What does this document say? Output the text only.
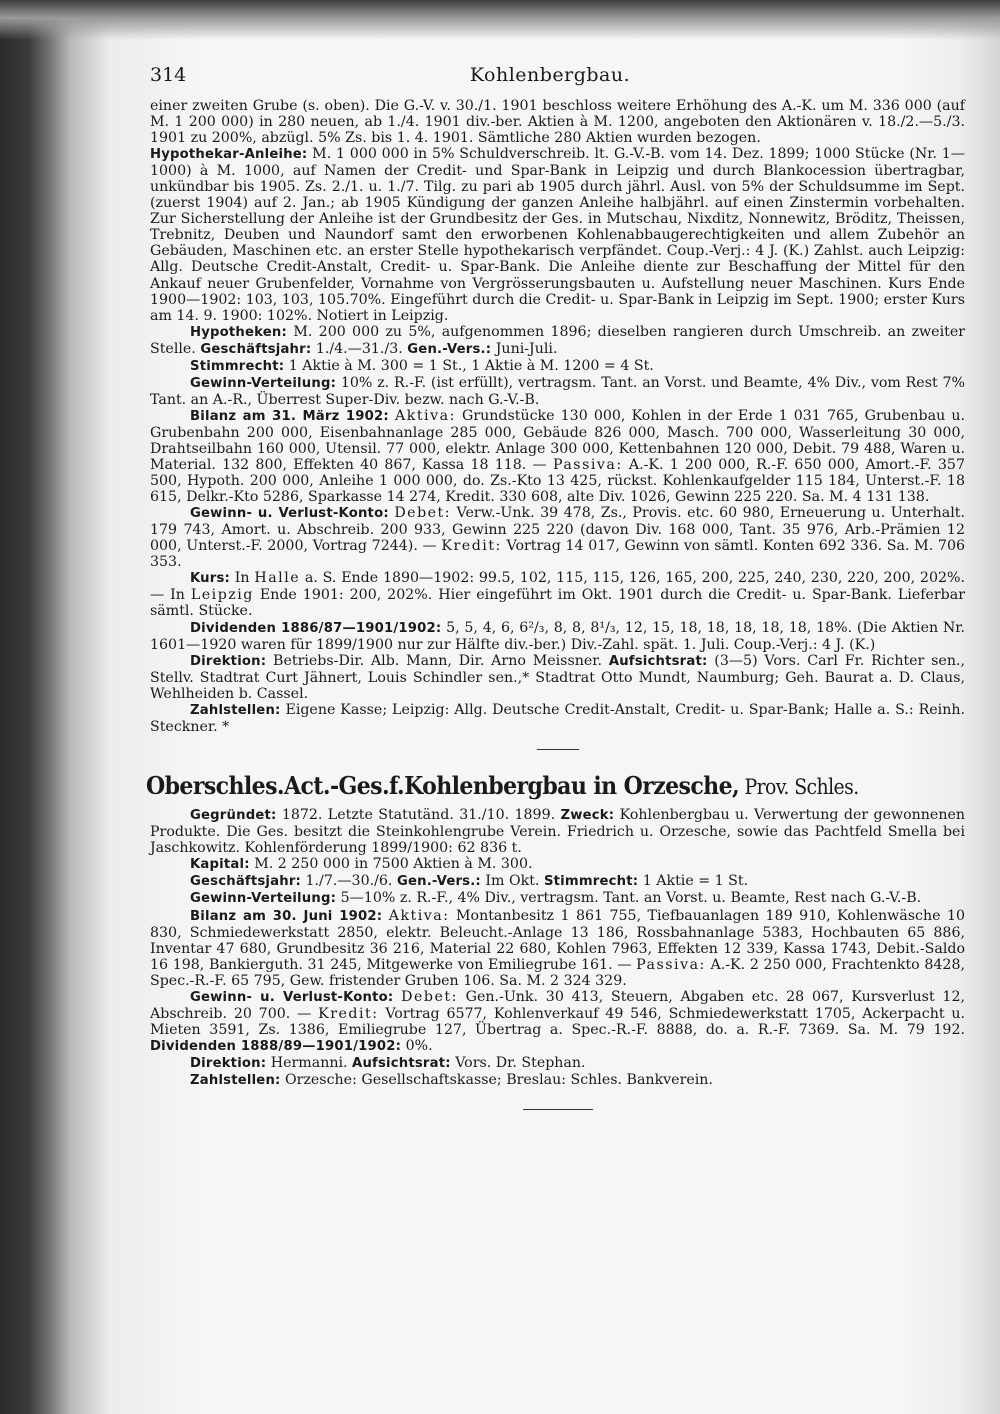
314	Kohlenbergbau.

einer zweiten Grube (s. oben). Die G.-V. v. 30./1. 1901 beschloss weitere Erhöhung des A.-K. um M. 336 000 (auf M. 1 200 000) in 280 neuen, ab 1./4. 1901 div.-ber. Aktien à M. 1200, angeboten den Aktionären v. 18./2.—5./3. 1901 zu 200%, abzügl. 5% Zs. bis 1. 4. 1901. Sämtliche 280 Aktien wurden bezogen.

Hypothekar-Anleihe: M. 1 000 000 in 5% Schuldverschreib. lt. G.-V.-B. vom 14. Dez. 1899; 1000 Stücke (Nr. 1—1000) à M. 1000, auf Namen der Credit- und Spar-Bank in Leipzig und durch Blankocession übertragbar, unkündbar bis 1905. Zs. 2./1. u. 1./7. Tilg. zu pari ab 1905 durch jährl. Ausl. von 5% der Schuldsumme im Sept. (zuerst 1904) auf 2. Jan.; ab 1905 Kündigung der ganzen Anleihe halbjährl. auf einen Zinstermin vorbehalten. Zur Sicherstellung der Anleihe ist der Grundbesitz der Ges. in Mutschau, Nixditz, Nonnewitz, Bröditz, Theissen, Trebnitz, Deuben und Naundorf samt den erworbenen Kohlenabbaugerechtigkeiten und allem Zubehör an Gebäuden, Maschinen etc. an erster Stelle hypothekarisch verpfändet. Coup.-Verj.: 4 J. (K.) Zahlst. auch Leipzig: Allg. Deutsche Credit-Anstalt, Credit- u. Spar-Bank. Die Anleihe diente zur Beschaffung der Mittel für den Ankauf neuer Grubenfelder, Vornahme von Vergrösserungsbauten u. Aufstellung neuer Maschinen. Kurs Ende 1900—1902: 103, 103, 105.70%. Eingeführt durch die Credit- u. Spar-Bank in Leipzig im Sept. 1900; erster Kurs am 14. 9. 1900: 102%. Notiert in Leipzig.

Hypotheken: M. 200 000 zu 5%, aufgenommen 1896; dieselben rangieren durch Umschreib. an zweiter Stelle. Geschäftsjahr: 1./4.—31./3. Gen.-Vers.: Juni-Juli.

Stimmrecht: 1 Aktie à M. 300 = 1 St., 1 Aktie à M. 1200 = 4 St.

Gewinn-Verteilung: 10% z. R.-F. (ist erfüllt), vertragsm. Tant. an Vorst. und Beamte, 4% Div., vom Rest 7% Tant. an A.-R., Überrest Super-Div. bezw. nach G.-V.-B.

Bilanz am 31. März 1902: Aktiva: Grundstücke 130 000, Kohlen in der Erde 1 031 765, Grubenbau u. Grubenbahn 200 000, Eisenbahnanlage 285 000, Gebäude 826 000, Masch. 700 000, Wasserleitung 30 000, Drahtseilbahn 160 000, Utensil. 77 000, elektr. Anlage 300 000, Kettenbahnen 120 000, Debit. 79 488, Waren u. Material. 132 800, Effekten 40 867, Kassa 18 118. — Passiva: A.-K. 1 200 000, R.-F. 650 000, Amort.-F. 357 500, Hypoth. 200 000, Anleihe 1 000 000, do. Zs.-Kto 13 425, rückst. Kohlenkaufgelder 115 184, Unterst.-F. 18 615, Delkr.-Kto 5286, Sparkasse 14 274, Kredit. 330 608, alte Div. 1026, Gewinn 225 220. Sa. M. 4 131 138.

Gewinn- u. Verlust-Konto: Debet: Verw.-Unk. 39 478, Zs., Provis. etc. 60 980, Erneuerung u. Unterhalt. 179 743, Amort. u. Abschreib. 200 933, Gewinn 225 220 (davon Div. 168 000, Tant. 35 976, Arb.-Prämien 12 000, Unterst.-F. 2000, Vortrag 7244). — Kredit: Vortrag 14 017, Gewinn von sämtl. Konten 692 336. Sa. M. 706 353.

Kurs: In Halle a. S. Ende 1890—1902: 99.5, 102, 115, 115, 126, 165, 200, 225, 240, 230, 220, 200, 202%. — In Leipzig Ende 1901: 200, 202%. Hier eingeführt im Okt. 1901 durch die Credit- u. Spar-Bank. Lieferbar sämtl. Stücke.

Dividenden 1886/87—1901/1902: 5, 5, 4, 6, 6²/₃, 8, 8, 8¹/₃, 12, 15, 18, 18, 18, 18, 18, 18%. (Die Aktien Nr. 1601—1920 waren für 1899/1900 nur zur Hälfte div.-ber.) Div.-Zahl. spät. 1. Juli. Coup.-Verj.: 4 J. (K.)

Direktion: Betriebs-Dir. Alb. Mann, Dir. Arno Meissner. Aufsichtsrat: (3—5) Vors. Carl Fr. Richter sen., Stellv. Stadtrat Curt Jähnert, Louis Schindler sen.,* Stadtrat Otto Mundt, Naumburg; Geh. Baurat a. D. Claus, Wehlheiden b. Cassel.

Zahlstellen: Eigene Kasse; Leipzig: Allg. Deutsche Credit-Anstalt, Credit- u. Spar-Bank; Halle a. S.: Reinh. Steckner. *

Oberschles.Act.-Ges.f.Kohlenbergbau in Orzesche, Prov. Schles.

Gegründet: 1872. Letzte Statutänd. 31./10. 1899. Zweck: Kohlenbergbau u. Verwertung der gewonnenen Produkte. Die Ges. besitzt die Steinkohlengrube Verein. Friedrich u. Orzesche, sowie das Pachtfeld Smella bei Jaschkowitz. Kohlenförderung 1899/1900: 62 836 t.

Kapital: M. 2 250 000 in 7500 Aktien à M. 300.

Geschäftsjahr: 1./7.—30./6. Gen.-Vers.: Im Okt. Stimmrecht: 1 Aktie = 1 St.

Gewinn-Verteilung: 5—10% z. R.-F., 4% Div., vertragsm. Tant. an Vorst. u. Beamte, Rest nach G.-V.-B.

Bilanz am 30. Juni 1902: Aktiva: Montanbesitz 1 861 755, Tiefbauanlagen 189 910, Kohlenwäsche 10 830, Schmiedewerkstatt 2850, elektr. Beleucht.-Anlage 13 186, Rossbahnanlage 5383, Hochbauten 65 886, Inventar 47 680, Grundbesitz 36 216, Material 22 680, Kohlen 7963, Effekten 12 339, Kassa 1743, Debit.-Saldo 16 198, Bankierguth. 31 245, Mitgewerke von Emiliegrube 161. — Passiva: A.-K. 2 250 000, Frachtenkto 8428, Spec.-R.-F. 65 795, Gew. fristender Gruben 106. Sa. M. 2 324 329.

Gewinn- u. Verlust-Konto: Debet: Gen.-Unk. 30 413, Steuern, Abgaben etc. 28 067, Kursverlust 12, Abschreib. 20 700. — Kredit: Vortrag 6577, Kohlenverkauf 49 546, Schmiedewerkstatt 1705, Ackerpacht u. Mieten 3591, Zs. 1386, Emiliegrube 127, Übertrag a. Spec.-R.-F. 8888, do. a. R.-F. 7369. Sa. M. 79 192. Dividenden 1888/89—1901/1902: 0%.

Direktion: Hermanni. Aufsichtsrat: Vors. Dr. Stephan.

Zahlstellen: Orzesche: Gesellschaftskasse; Breslau: Schles. Bankverein.
